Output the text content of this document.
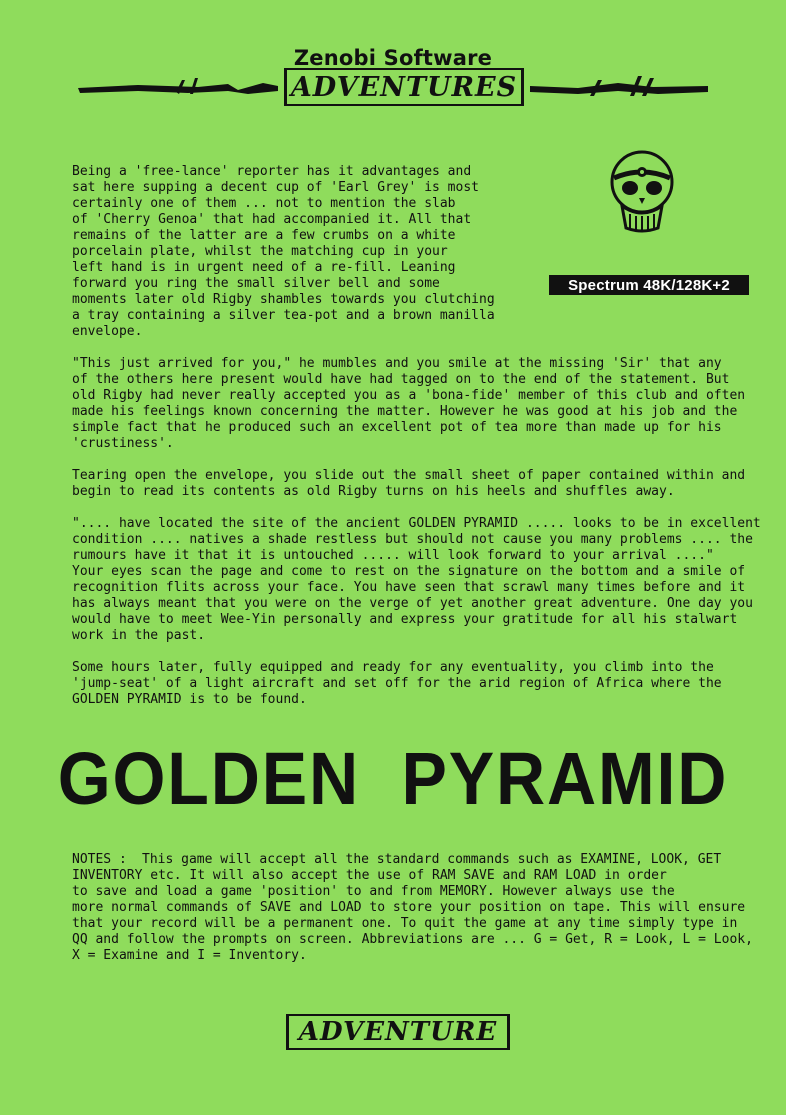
Zenobi Software
ADVENTURES
Spectrum 48K/128K+2

Being a 'free-lance' reporter has it advantages and
sat here supping a decent cup of 'Earl Grey' is most
certainly one of them ... not to mention the slab
of 'Cherry Genoa' that had accompanied it. All that
remains of the latter are a few crumbs on a white
porcelain plate, whilst the matching cup in your
left hand is in urgent need of a re-fill. Leaning
forward you ring the small silver bell and some
moments later old Rigby shambles towards you clutching
a tray containing a silver tea-pot and a brown manilla
envelope.

"This just arrived for you," he mumbles and you smile at the missing 'Sir' that any
of the others here present would have had tagged on to the end of the statement. But
old Rigby had never really accepted you as a 'bona-fide' member of this club and often
made his feelings known concerning the matter. However he was good at his job and the
simple fact that he produced such an excellent pot of tea more than made up for his
'crustiness'.

Tearing open the envelope, you slide out the small sheet of paper contained within and
begin to read its contents as old Rigby turns on his heels and shuffles away.

".... have located the site of the ancient GOLDEN PYRAMID ..... looks to be in excellent
condition .... natives a shade restless but should not cause you many problems .... the
rumours have it that it is untouched ..... will look forward to your arrival ...."
Your eyes scan the page and come to rest on the signature on the bottom and a smile of
recognition flits across your face. You have seen that scrawl many times before and it
has always meant that you were on the verge of yet another great adventure. One day you
would have to meet Wee-Yin personally and express your gratitude for all his stalwart
work in the past.

Some hours later, fully equipped and ready for any eventuality, you climb into the
'jump-seat' of a light aircraft and set off for the arid region of Africa where the
GOLDEN PYRAMID is to be found.

GOLDEN  PYRAMID
NOTES :	This game will accept all the standard commands such as EXAMINE, LOOK, GET
INVENTORY etc. It will also accept the use of RAM SAVE and RAM LOAD in order
to save and load a game 'position' to and from MEMORY. However always use the
more normal commands of SAVE and LOAD to store your position on tape. This will ensure
that your record will be a permanent one. To quit the game at any time simply type in
QQ and follow the prompts on screen. Abbreviations are ... G = Get, R = Look, L = Look,
X = Examine and I = Inventory.

ADVENTURE
